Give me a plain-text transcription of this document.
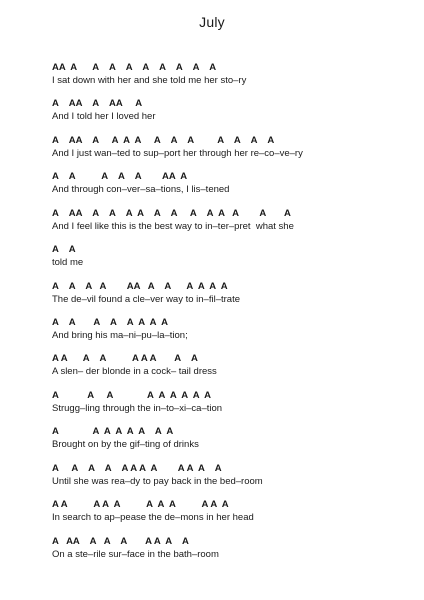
July
AA  A      A    A    A    A    A    A    A    A
I sat down with her and she told me her sto–ry
A    AA    A    AA     A
And I told her I loved her
A    AA    A     A  A  A     A    A    A         A    A    A    A
And I just wan–ted to sup–port her through her re–co–ve–ry
A    A          A    A    A        AA  A
And through con–ver–sa–tions, I lis–tened
A    AA    A    A    A  A    A    A     A    A  A   A        A       A
And I feel like this is the best way to in–ter–pret  what she
A    A
told me
A    A    A   A        AA   A    A      A  A  A  A
The de–vil found a cle–ver way to in–fil–trate
A    A       A    A    A  A  A  A
And bring his ma–ni–pu–la–tion;
A A      A    A          A A A       A    A
A slen– der blonde in a cock– tail dress
A           A     A             A  A  A  A  A  A
Strugg–ling through the in–to–xi–ca–tion
A             A  A  A  A  A    A  A
Brought on by the gif–ting of drinks
A     A    A    A    A A A  A        A A  A    A
Until she was rea–dy to pay back in the bed–room
A A          A A  A          A  A  A          A A  A
In search to ap–pease the de–mons in her head
A   AA    A   A    A       A A  A    A
On a ste–rile sur–face in the bath–room
